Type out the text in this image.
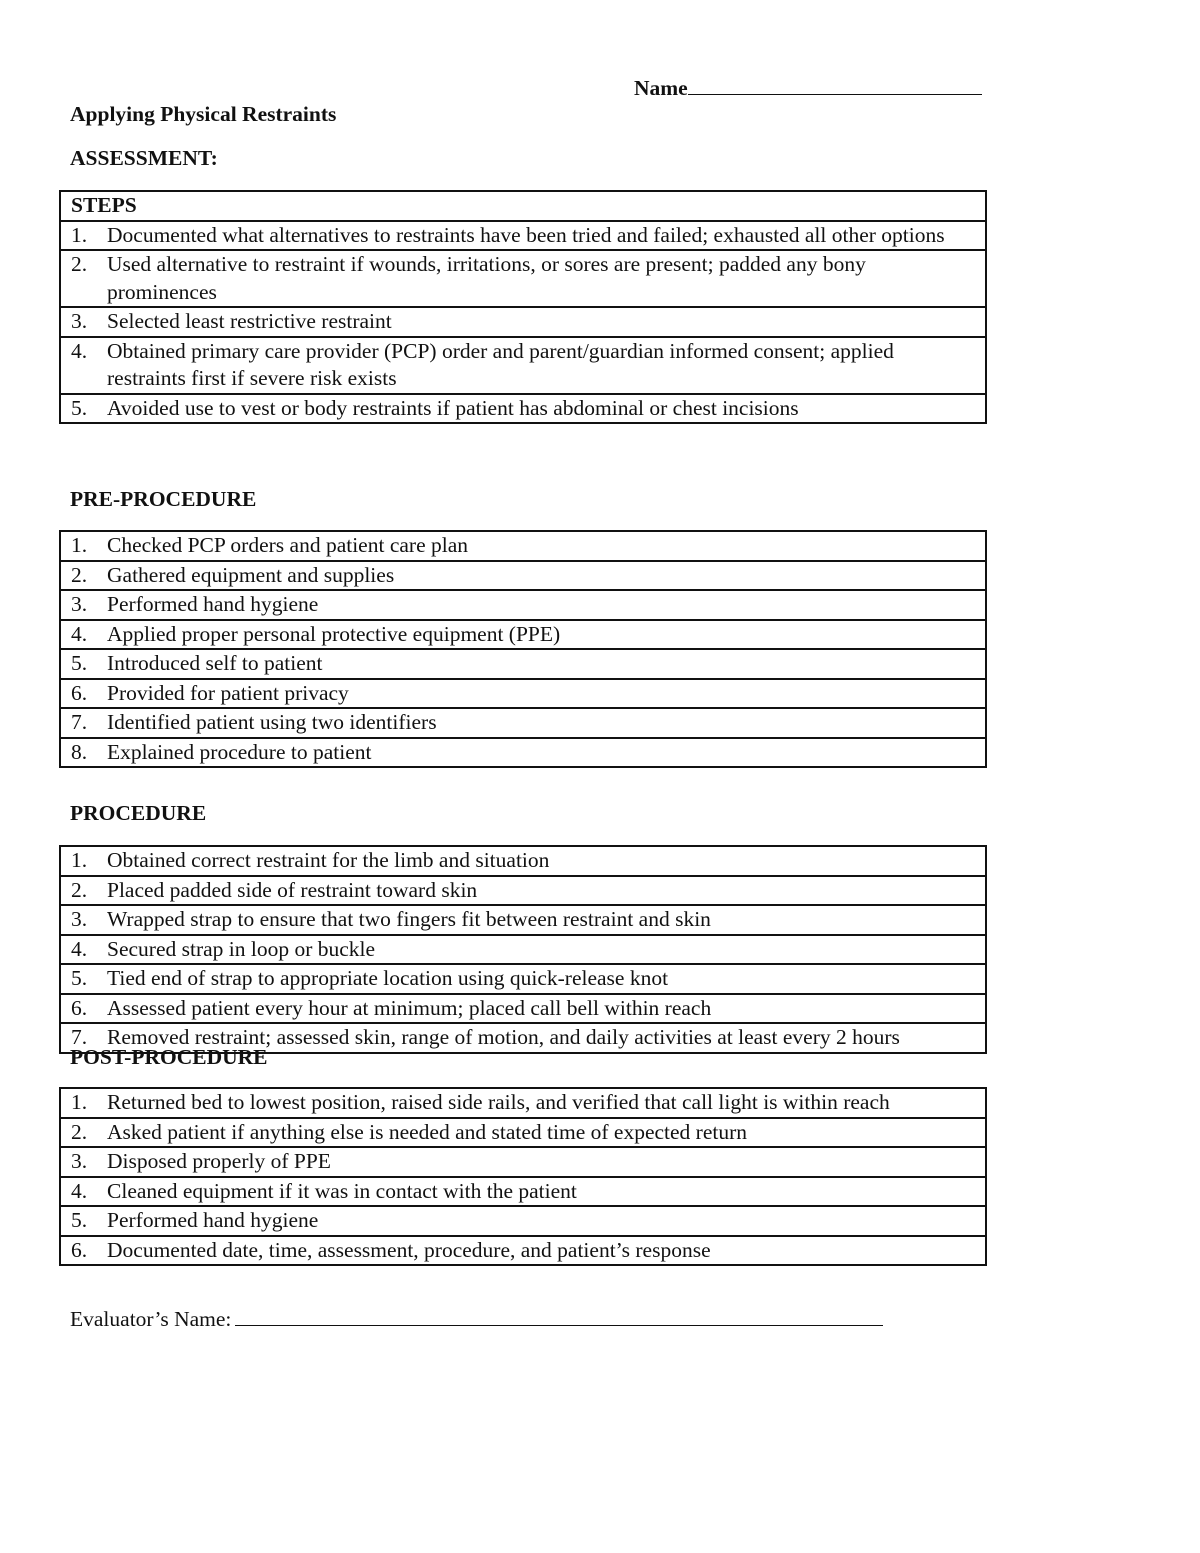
Name
Applying Physical Restraints
ASSESSMENT:
STEPS

1. Documented what alternatives to restraints have been tried and failed; exhausted all other options

2. Used alternative to restraint if wounds, irritations, or sores are present; padded any bony prominences

3. Selected least restrictive restraint

4. Obtained primary care provider (PCP) order and parent/guardian informed consent; applied restraints first if severe risk exists

5. Avoided use to vest or body restraints if patient has abdominal or chest incisions
PRE-PROCEDURE
1. Checked PCP orders and patient care plan

2. Gathered equipment and supplies

3. Performed hand hygiene

4. Applied proper personal protective equipment (PPE)

5. Introduced self to patient

6. Provided for patient privacy

7. Identified patient using two identifiers

8. Explained procedure to patient
PROCEDURE
1. Obtained correct restraint for the limb and situation

2. Placed padded side of restraint toward skin

3. Wrapped strap to ensure that two fingers fit between restraint and skin

4. Secured strap in loop or buckle

5. Tied end of strap to appropriate location using quick-release knot

6. Assessed patient every hour at minimum; placed call bell within reach

7. Removed restraint; assessed skin, range of motion, and daily activities at least every 2 hours
POST-PROCEDURE
1. Returned bed to lowest position, raised side rails, and verified that call light is within reach

2. Asked patient if anything else is needed and stated time of expected return

3. Disposed properly of PPE

4. Cleaned equipment if it was in contact with the patient

5. Performed hand hygiene

6. Documented date, time, assessment, procedure, and patient’s response
Evaluator’s Name:
